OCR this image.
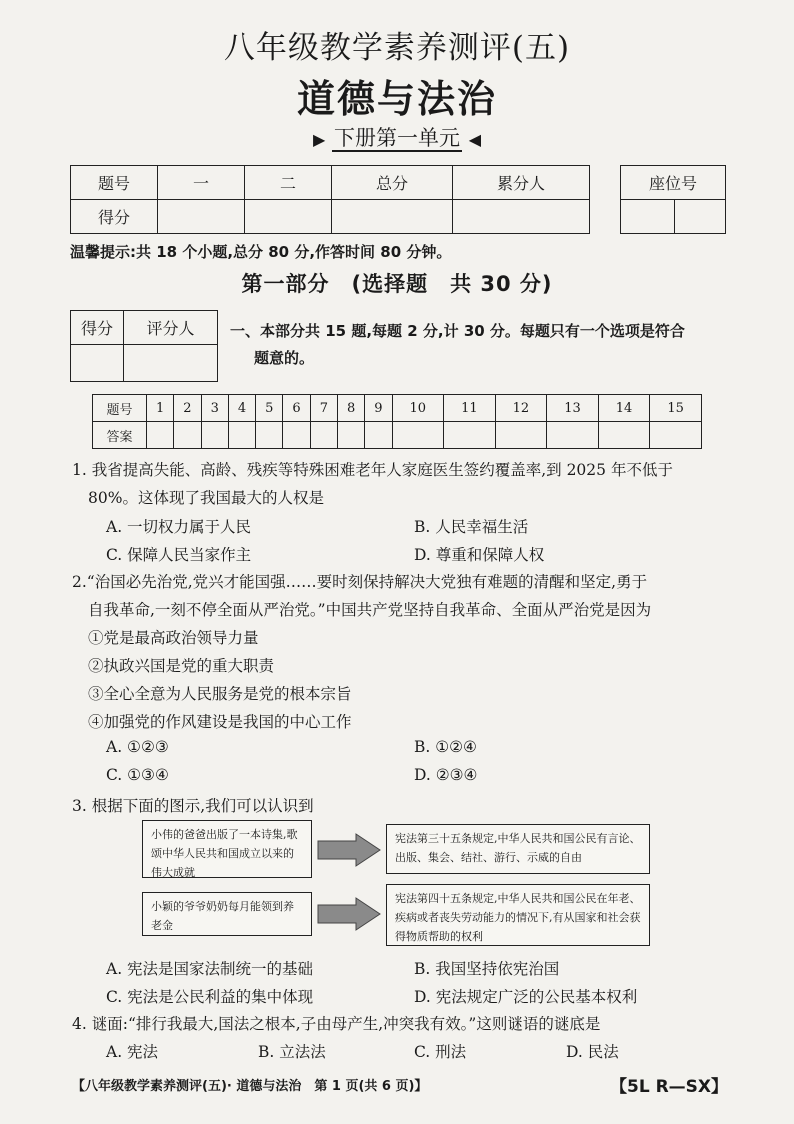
八年级教学素养测评(五)
道德与法治
▶ 下册第一单元 ◀
题号	一	二	总分	累分人
得分				
座位号

温馨提示:共 18 个小题,总分 80 分,作答时间 80 分钟。
第一部分　(选择题　共 30 分)
得分	评分人
	一、本部分共 15 题,每题 2 分,计 30 分。每题只有一个选项是符合
题意的。
题号	1	2	3	4	5	6	7	8	9	10	11	12	13	14	15
答案															
1. 我省提高失能、高龄、残疾等特殊困难老年人家庭医生签约覆盖率,到 2025 年不低于
80%。这体现了我国最大的人权是
A. 一切权力属于人民	B. 人民幸福生活
C. 保障人民当家作主	D. 尊重和保障人权
2.“治国必先治党,党兴才能国强……要时刻保持解决大党独有难题的清醒和坚定,勇于
自我革命,一刻不停全面从严治党。”中国共产党坚持自我革命、全面从严治党是因为
①党是最高政治领导力量
②执政兴国是党的重大职责
③全心全意为人民服务是党的根本宗旨
④加强党的作风建设是我国的中心工作
A. ①②③	B. ①②④
C. ①③④	D. ②③④
3. 根据下面的图示,我们可以认识到
小伟的爸爸出版了一本诗集,歌颂中华人民共和国成立以来的伟大成就
宪法第三十五条规定,中华人民共和国公民有言论、出版、集会、结社、游行、示威的自由
小颖的爷爷奶奶每月能领到养老金
宪法第四十五条规定,中华人民共和国公民在年老、疾病或者丧失劳动能力的情况下,有从国家和社会获得物质帮助的权利
A. 宪法是国家法制统一的基础	B. 我国坚持依宪治国
C. 宪法是公民利益的集中体现	D. 宪法规定广泛的公民基本权利
4. 谜面:“排行我最大,国法之根本,子由母产生,冲突我有效。”这则谜语的谜底是
A. 宪法	B. 立法法	C. 刑法	D. 民法
【八年级教学素养测评(五)· 道德与法治　第 1 页(共 6 页)】	【5L R—SX】
